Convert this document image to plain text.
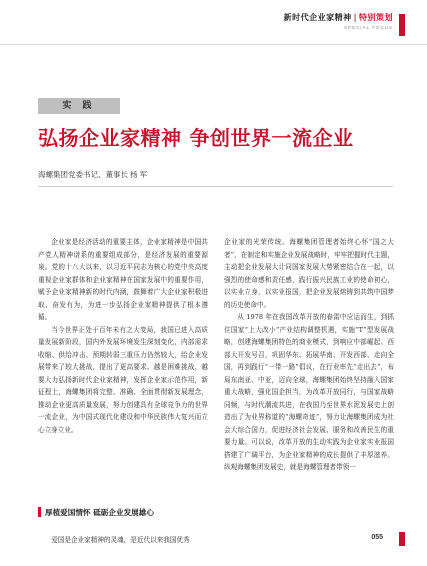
新时代企业家精神 | 特别策划
SPECIAL FOCUS
实 践
弘扬企业家精神 争创世界一流企业
海螺集团党委书记、董事长 杨 军

企业家是经济活动的重要主体，企业家精神是中国共产党人精神谱系的重要组成部分，是经济发展的重要源泉。党的十八大以来，以习近平同志为核心的党中央高度重视企业家群体和企业家精神在国家发展中的重要作用，赋予企业家精神新的时代内涵，鼓舞着广大企业家积极进取、奋发有为，为进一步弘扬企业家精神提供了根本遵循。

当今世界正处于百年未有之大变局，我国已进入高质量发展新阶段，国内外发展环境发生深刻变化，内部需求收缩、供给冲击、预期转弱三重压力仍然较大，给企业发展带来了较大挑战，提出了更高要求。越是困难挑战，越要大力弘扬新时代企业家精神，发挥企业家示范作用，新征程上，海螺集团将完整、准确、全面贯彻新发展理念，推动企业更高质量发展，努力创建具有全球竞争力的世界一流企业，为中国式现代化建设和中华民族伟大复兴而立心立身立业。

厚植爱国情怀 砥砺企业发展雄心

爱国是企业家精神的灵魂，是近代以来我国优秀

企业家的光荣传统。海螺集团管理者始终心怀“国之大者”，在制定和实施企业发展战略时，牢牢把握时代主题，主动把企业发展大计同国家发展大势紧密结合在一起，以强烈的使命感和责任感，践行振兴民族工业的使命初心，以实业立身，以实业报国，把企业发展熔铸到共筑中国梦的历史使命中。

从 1978 年在我国改革开放的春雷中应运而生，到抓住国家“上大改小”产业结构调整机遇，实施“T”型发展战略，创建海螺集团特色的商业模式，到响应中部崛起、西部大开发号召，巩固华东、拓展华南、开发西部、走向全国，再到践行“一带一路”倡议，在行业率先“走出去”，布局东南亚、中亚，迈向全球，海螺集团始终坚持融入国家重大战略，强化国企担当，为改革开放同行，与国家战略同频，与时代潮流共进，在我国乃至世界水泥发展史上创造出了为业界称道的“海螺奇迹”，努力让海螺集团成为社会大综合国力，促进经济社会发展、服务和改善民生的重要力量。可以说，改革开放的生动实践为企业家实业报国搭建了广阔平台，为企业家精神的成长提供了丰厚滋养。纵观海螺集团发展史，就是海螺管理者带领一

055
